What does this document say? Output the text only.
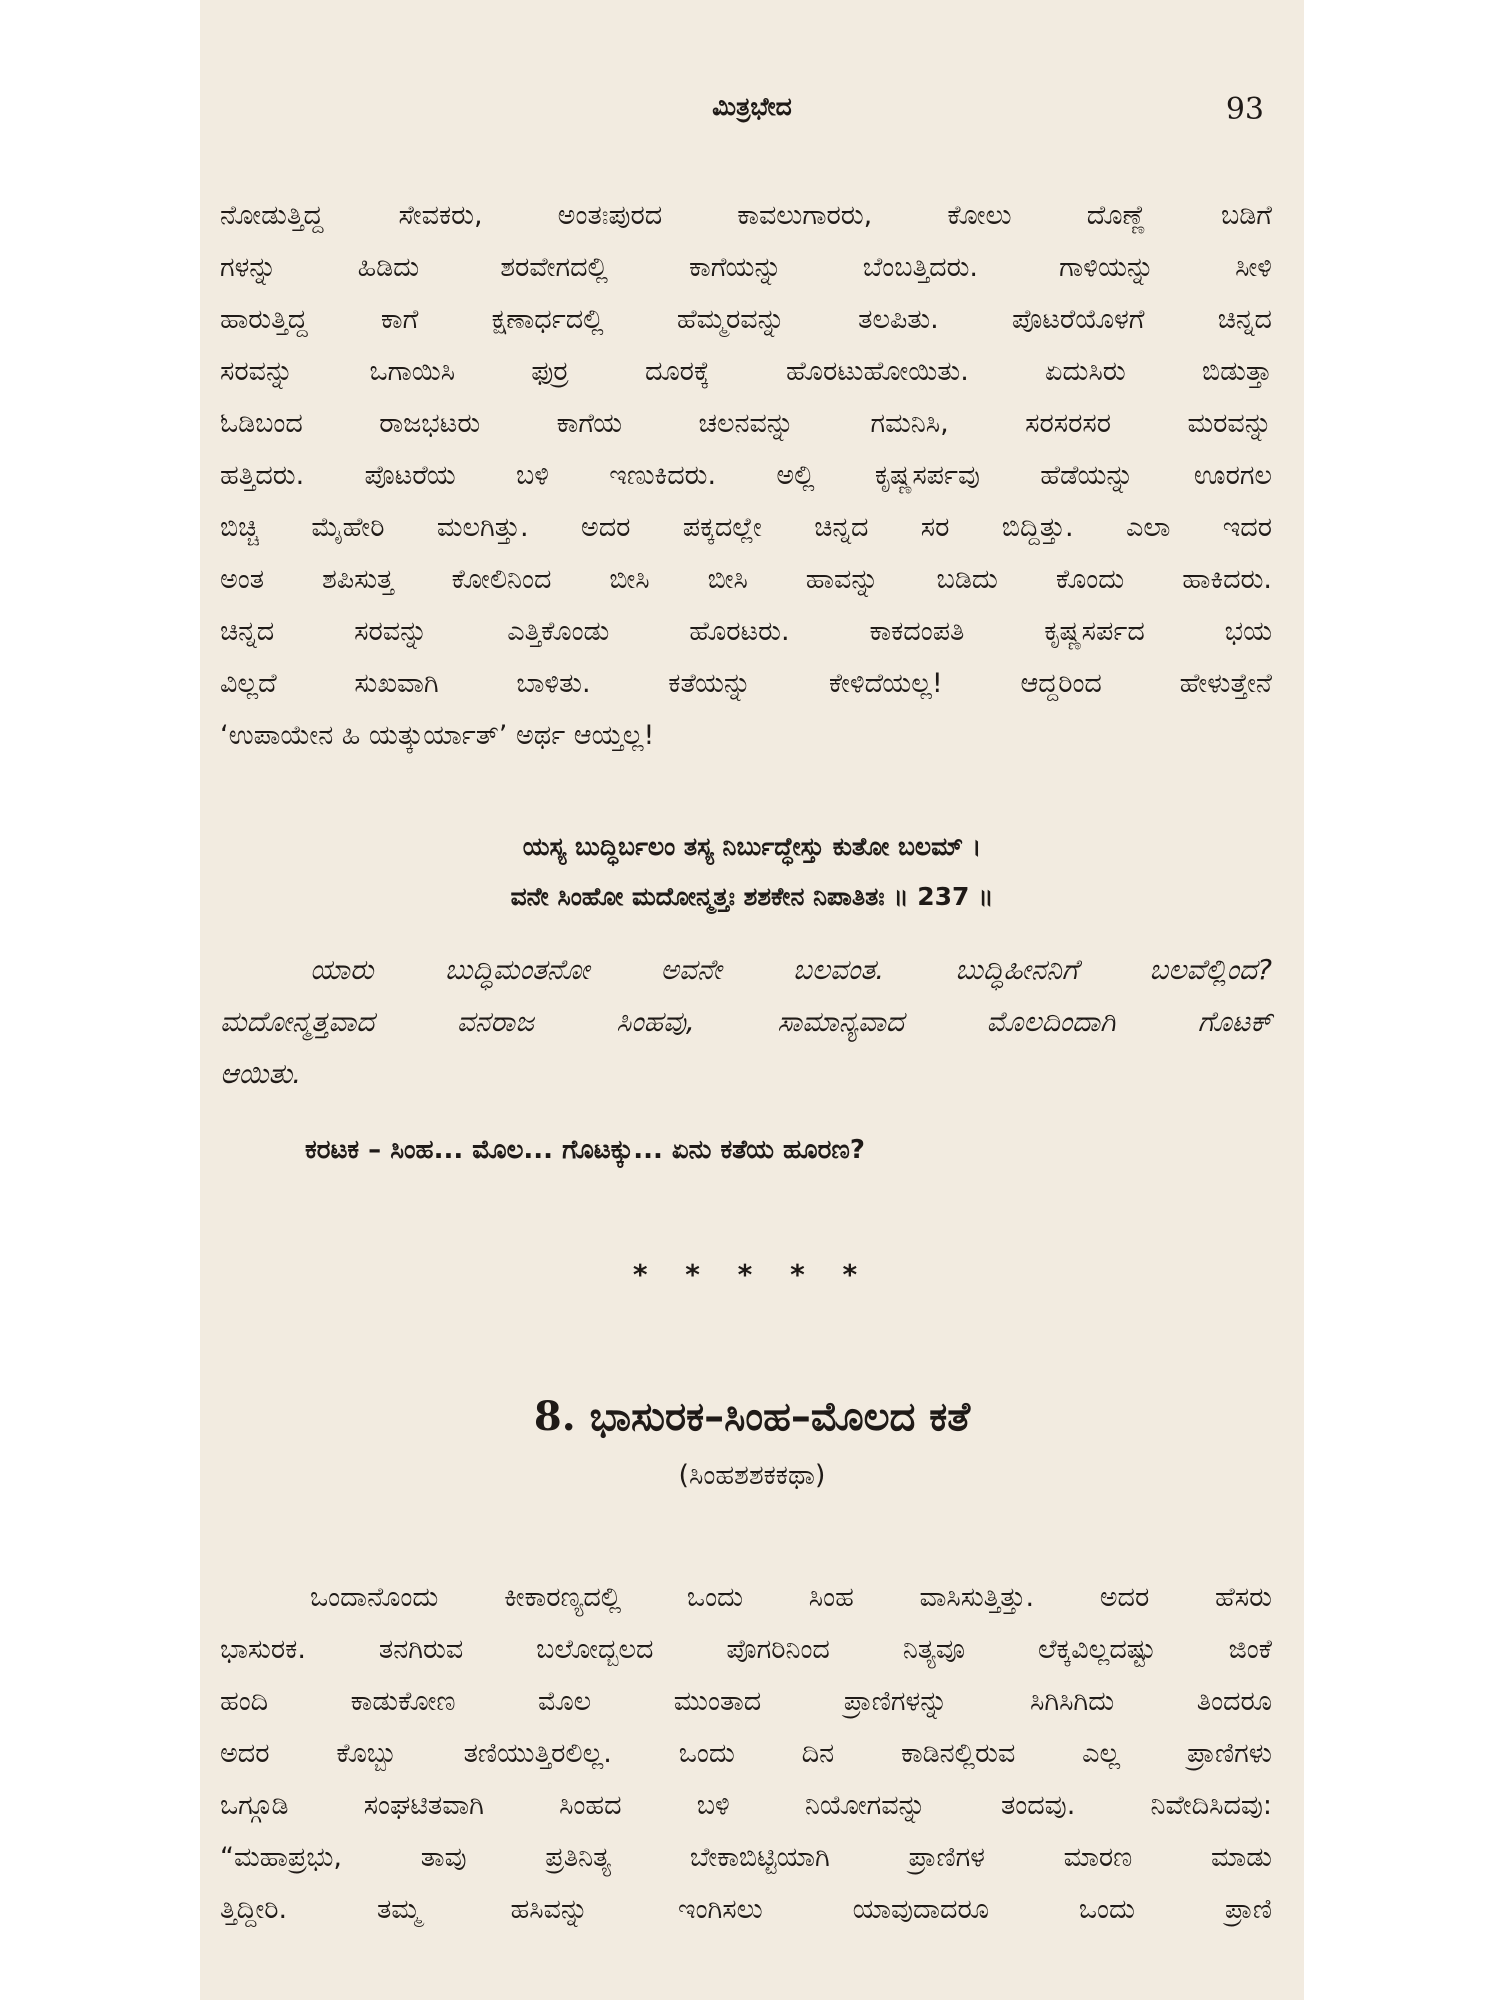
ಮಿತ್ರಭೇದ	93
ನೋಡುತ್ತಿದ್ದ ಸೇವಕರು, ಅಂತಃಪುರದ ಕಾವಲುಗಾರರು, ಕೋಲು ದೊಣ್ಣೆ ಬಡಿಗೆ
ಗಳನ್ನು ಹಿಡಿದು ಶರವೇಗದಲ್ಲಿ ಕಾಗೆಯನ್ನು ಬೆಂಬತ್ತಿದರು. ಗಾಳಿಯನ್ನು ಸೀಳಿ
ಹಾರುತ್ತಿದ್ದ ಕಾಗೆ ಕ್ಷಣಾರ್ಧದಲ್ಲಿ ಹೆಮ್ಮರವನ್ನು ತಲಪಿತು. ಪೊಟರೆಯೊಳಗೆ ಚಿನ್ನದ
ಸರವನ್ನು ಒಗಾಯಿಸಿ ಫುರ್ರ ದೂರಕ್ಕೆ ಹೊರಟುಹೋಯಿತು. ಏದುಸಿರು ಬಿಡುತ್ತಾ
ಓಡಿಬಂದ ರಾಜಭಟರು ಕಾಗೆಯ ಚಲನವನ್ನು ಗಮನಿಸಿ, ಸರಸರಸರ ಮರವನ್ನು
ಹತ್ತಿದರು. ಪೊಟರೆಯ ಬಳಿ ಇಣುಕಿದರು. ಅಲ್ಲಿ ಕೃಷ್ಣಸರ್ಪವು ಹೆಡೆಯನ್ನು ಊರಗಲ
ಬಿಚ್ಚಿ ಮೈಹೇರಿ ಮಲಗಿತ್ತು. ಅದರ ಪಕ್ಕದಲ್ಲೇ ಚಿನ್ನದ ಸರ ಬಿದ್ದಿತ್ತು. ಎಲಾ ಇದರ
ಅಂತ ಶಪಿಸುತ್ತ ಕೋಲಿನಿಂದ ಬೀಸಿ ಬೀಸಿ ಹಾವನ್ನು ಬಡಿದು ಕೊಂದು ಹಾಕಿದರು.
ಚಿನ್ನದ ಸರವನ್ನು ಎತ್ತಿಕೊಂಡು ಹೊರಟರು. ಕಾಕದಂಪತಿ ಕೃಷ್ಣಸರ್ಪದ ಭಯ
ವಿಲ್ಲದೆ ಸುಖವಾಗಿ ಬಾಳಿತು. ಕತೆಯನ್ನು ಕೇಳಿದೆಯಲ್ಲ! ಆದ್ದರಿಂದ ಹೇಳುತ್ತೇನೆ
‘ಉಪಾಯೇನ ಹಿ ಯತ್ಕುರ್ಯಾತ್’ ಅರ್ಥ ಆಯ್ತಲ್ಲ!
ಯಸ್ಯ ಬುದ್ಧಿರ್ಬಲಂ ತಸ್ಯ ನಿರ್ಬುದ್ಧೇಸ್ತು ಕುತೋ ಬಲಮ್ ।
ವನೇ ಸಿಂಹೋ ಮದೋನ್ಮತ್ತಃ ಶಶಕೇನ ನಿಪಾತಿತಃ ॥ 237 ॥
ಯಾರು ಬುದ್ಧಿಮಂತನೋ ಅವನೇ ಬಲವಂತ. ಬುದ್ಧಿಹೀನನಿಗೆ ಬಲವೆಲ್ಲಿಂದ?
ಮದೋನ್ಮತ್ತವಾದ ವನರಾಜ ಸಿಂಹವು, ಸಾಮಾನ್ಯವಾದ ಮೊಲದಿಂದಾಗಿ ಗೊಟಕ್
ಆಯಿತು.
ಕರಟಕ – ಸಿಂಹ... ಮೊಲ... ಗೊಟಕ್ಕು... ಏನು ಕತೆಯ ಹೂರಣ?
* * * * *
8. ಭಾಸುರಕ–ಸಿಂಹ–ಮೊಲದ ಕತೆ
(ಸಿಂಹಶಶಕಕಥಾ)
ಒಂದಾನೊಂದು ಕೀಕಾರಣ್ಯದಲ್ಲಿ ಒಂದು ಸಿಂಹ ವಾಸಿಸುತ್ತಿತ್ತು. ಅದರ ಹೆಸರು
ಭಾಸುರಕ. ತನಗಿರುವ ಬಲೋದ್ಬಲದ ಪೊಗರಿನಿಂದ ನಿತ್ಯವೂ ಲೆಕ್ಕವಿಲ್ಲದಷ್ಟು ಜಿಂಕೆ
ಹಂದಿ ಕಾಡುಕೋಣ ಮೊಲ ಮುಂತಾದ ಪ್ರಾಣಿಗಳನ್ನು ಸಿಗಿಸಿಗಿದು ತಿಂದರೂ
ಅದರ ಕೊಬ್ಬು ತಣಿಯುತ್ತಿರಲಿಲ್ಲ. ಒಂದು ದಿನ ಕಾಡಿನಲ್ಲಿರುವ ಎಲ್ಲ ಪ್ರಾಣಿಗಳು
ಒಗ್ಗೂಡಿ ಸಂಘಟಿತವಾಗಿ ಸಿಂಹದ ಬಳಿ ನಿಯೋಗವನ್ನು ತಂದವು. ನಿವೇದಿಸಿದವು:
“ಮಹಾಪ್ರಭು, ತಾವು ಪ್ರತಿನಿತ್ಯ ಬೇಕಾಬಿಟ್ಟಿಯಾಗಿ ಪ್ರಾಣಿಗಳ ಮಾರಣ ಮಾಡು
ತ್ತಿದ್ದೀರಿ. ತಮ್ಮ ಹಸಿವನ್ನು ಇಂಗಿಸಲು ಯಾವುದಾದರೂ ಒಂದು ಪ್ರಾಣಿ
